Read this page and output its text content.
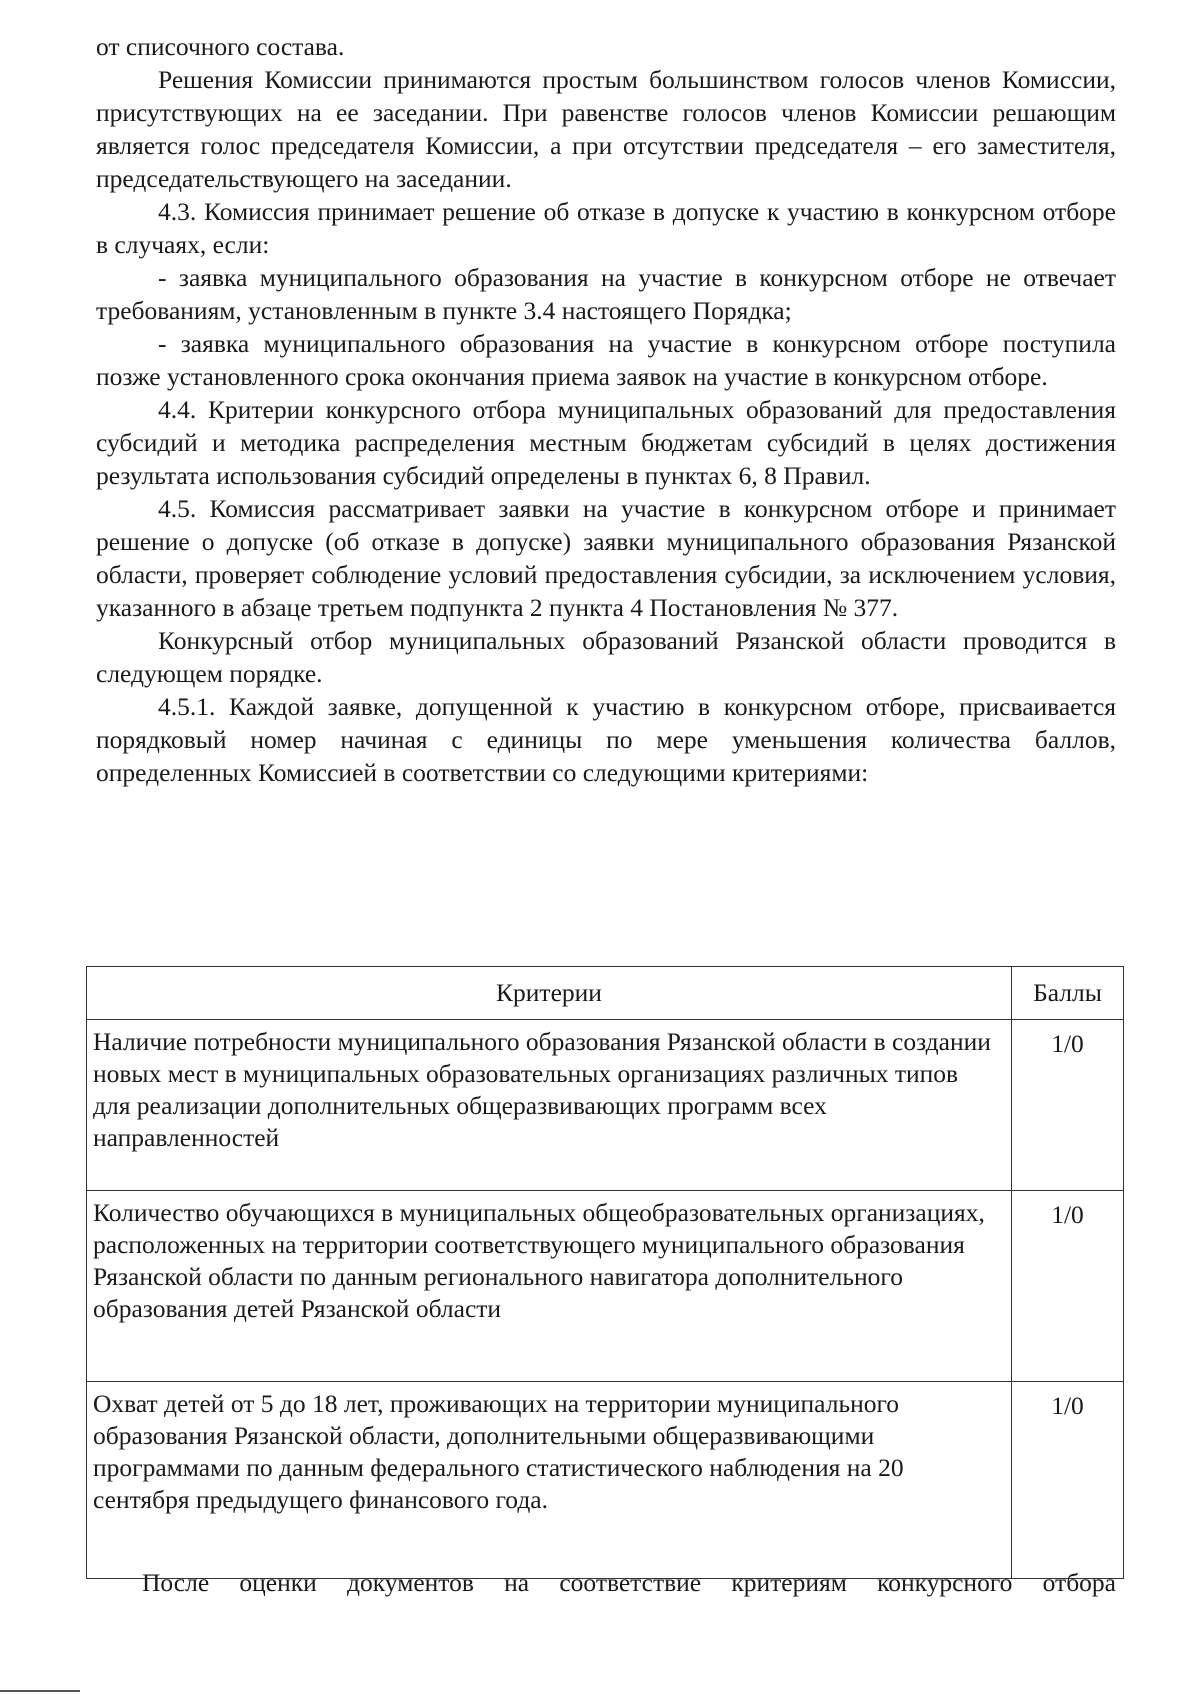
от списочного состава.

Решения Комиссии принимаются простым большинством голосов членов Комиссии, присутствующих на ее заседании. При равенстве голосов членов Комиссии решающим является голос председателя Комиссии, а при отсутствии председателя – его заместителя, председательствующего на заседании.

4.3. Комиссия принимает решение об отказе в допуске к участию в конкурсном отборе в случаях, если:

- заявка муниципального образования на участие в конкурсном отборе не отвечает требованиям, установленным в пункте 3.4 настоящего Порядка;

- заявка муниципального образования на участие в конкурсном отборе поступила позже установленного срока окончания приема заявок на участие в конкурсном отборе.

4.4. Критерии конкурсного отбора муниципальных образований для предоставления субсидий и методика распределения местным бюджетам субсидий в целях достижения результата использования субсидий определены в пунктах 6, 8 Правил.

4.5. Комиссия рассматривает заявки на участие в конкурсном отборе и принимает решение о допуске (об отказе в допуске) заявки муниципального образования Рязанской области, проверяет соблюдение условий предоставления субсидии, за исключением условия, указанного в абзаце третьем подпункта 2 пункта 4 Постановления № 377.

Конкурсный отбор муниципальных образований Рязанской области проводится в следующем порядке.

4.5.1. Каждой заявке, допущенной к участию в конкурсном отборе, присваивается порядковый номер начиная с единицы по мере уменьшения количества баллов, определенных Комиссией в соответствии со следующими критериями:

Критерии	Баллы
Наличие потребности муниципального образования Рязанской области в создании новых мест в муниципальных образовательных организациях различных типов для реализации дополнительных общеразвивающих программ всех направленностей	1/0
Количество обучающихся в муниципальных общеобразовательных организациях, расположенных на территории соответствующего муниципального образования Рязанской области по данным регионального навигатора дополнительного образования детей Рязанской области	1/0
Охват детей от 5 до 18 лет, проживающих на территории муниципального образования Рязанской области, дополнительными общеразвивающими программами по данным федерального статистического наблюдения на 20 сентября предыдущего финансового года.	1/0

После оценки документов на соответствие критериям конкурсного отбора
